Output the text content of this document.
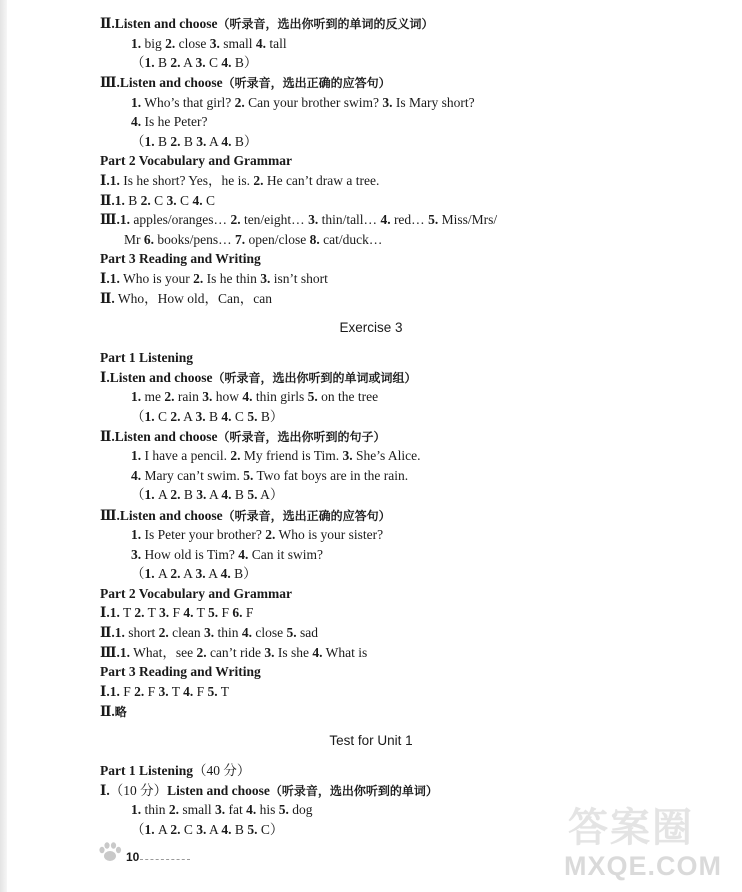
Ⅱ.Listen and choose（听录音，选出你听到的单词的反义词）
1. big 2. close 3. small 4. tall
（1. B 2. A 3. C 4. B）
Ⅲ.Listen and choose（听录音，选出正确的应答句）
1. Who’s that girl? 2. Can your brother swim? 3. Is Mary short?
4. Is he Peter?
（1. B 2. B 3. A 4. B）
Part 2 Vocabulary and Grammar
Ⅰ.1. Is he short? Yes，he is. 2. He can’t draw a tree.
Ⅱ.1. B 2. C 3. C 4. C
Ⅲ.1. apples/oranges… 2. ten/eight… 3. thin/tall… 4. red… 5. Miss/Mrs/
Mr 6. books/pens… 7. open/close 8. cat/duck…
Part 3 Reading and Writing
Ⅰ.1. Who is your 2. Is he thin 3. isn’t short
Ⅱ. Who，How old，Can，can
Exercise 3
Part 1 Listening
Ⅰ.Listen and choose（听录音，选出你听到的单词或词组）
1. me 2. rain 3. how 4. thin girls 5. on the tree
（1. C 2. A 3. B 4. C 5. B）
Ⅱ.Listen and choose（听录音，选出你听到的句子）
1. I have a pencil. 2. My friend is Tim. 3. She’s Alice.
4. Mary can’t swim. 5. Two fat boys are in the rain.
（1. A 2. B 3. A 4. B 5. A）
Ⅲ.Listen and choose（听录音，选出正确的应答句）
1. Is Peter your brother? 2. Who is your sister?
3. How old is Tim? 4. Can it swim?
（1. A 2. A 3. A 4. B）
Part 2 Vocabulary and Grammar
Ⅰ.1. T 2. T 3. F 4. T 5. F 6. F
Ⅱ.1. short 2. clean 3. thin 4. close 5. sad
Ⅲ.1. What，see 2. can’t ride 3. Is she 4. What is
Part 3 Reading and Writing
Ⅰ.1. F 2. F 3. T 4. F 5. T
Ⅱ.略
Test for Unit 1
Part 1 Listening（40 分）
Ⅰ.（10 分）Listen and choose（听录音，选出你听到的单词）
1. thin 2. small 3. fat 4. his 5. dog
（1. A 2. C 3. A 4. B 5. C）
10
答案圈
MXQE.COM
